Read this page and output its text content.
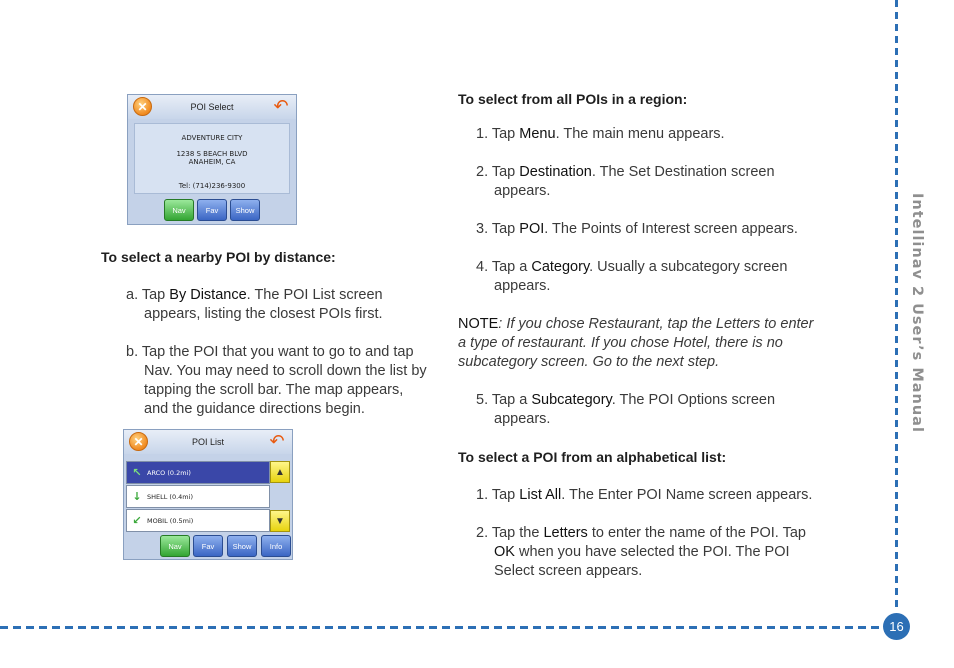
16
Intellinav 2 User’s Manual
✕	POI Select ↶
ADVENTURE CITY
1238 S BEACH BLVD
ANAHEIM, CA
Tel: (714)236-9300
Nav	Fav	Show
✕	POI List	↶
↖ ARCO (0.2mi)
↓ SHELL (0.4mi)
↙ MOBIL (0.5mi)
▲
▼
Nav	Fav	Show	Info
To select a nearby POI by distance:
a. Tap By Distance. The POI List screen
appears, listing the closest POIs first.
b. Tap the POI that you want to go to and tap
Nav. You may need to scroll down the list by
tapping the scroll bar. The map appears,
and the guidance directions begin.
To select from all POIs in a region:
1. Tap Menu. The main menu appears.
2. Tap Destination. The Set Destination screen
appears.
3. Tap POI. The Points of Interest screen appears.
4. Tap a Category. Usually a subcategory screen
appears.
NOTE: If you chose Restaurant, tap the Letters to enter
a type of restaurant. If you chose Hotel, there is no
subcategory screen. Go to the next step.
5. Tap a Subcategory. The POI Options screen
appears.
To select a POI from an alphabetical list:
1. Tap List All. The Enter POI Name screen appears.
2. Tap the Letters to enter the name of the POI. Tap
OK when you have selected the POI. The POI
Select screen appears.
